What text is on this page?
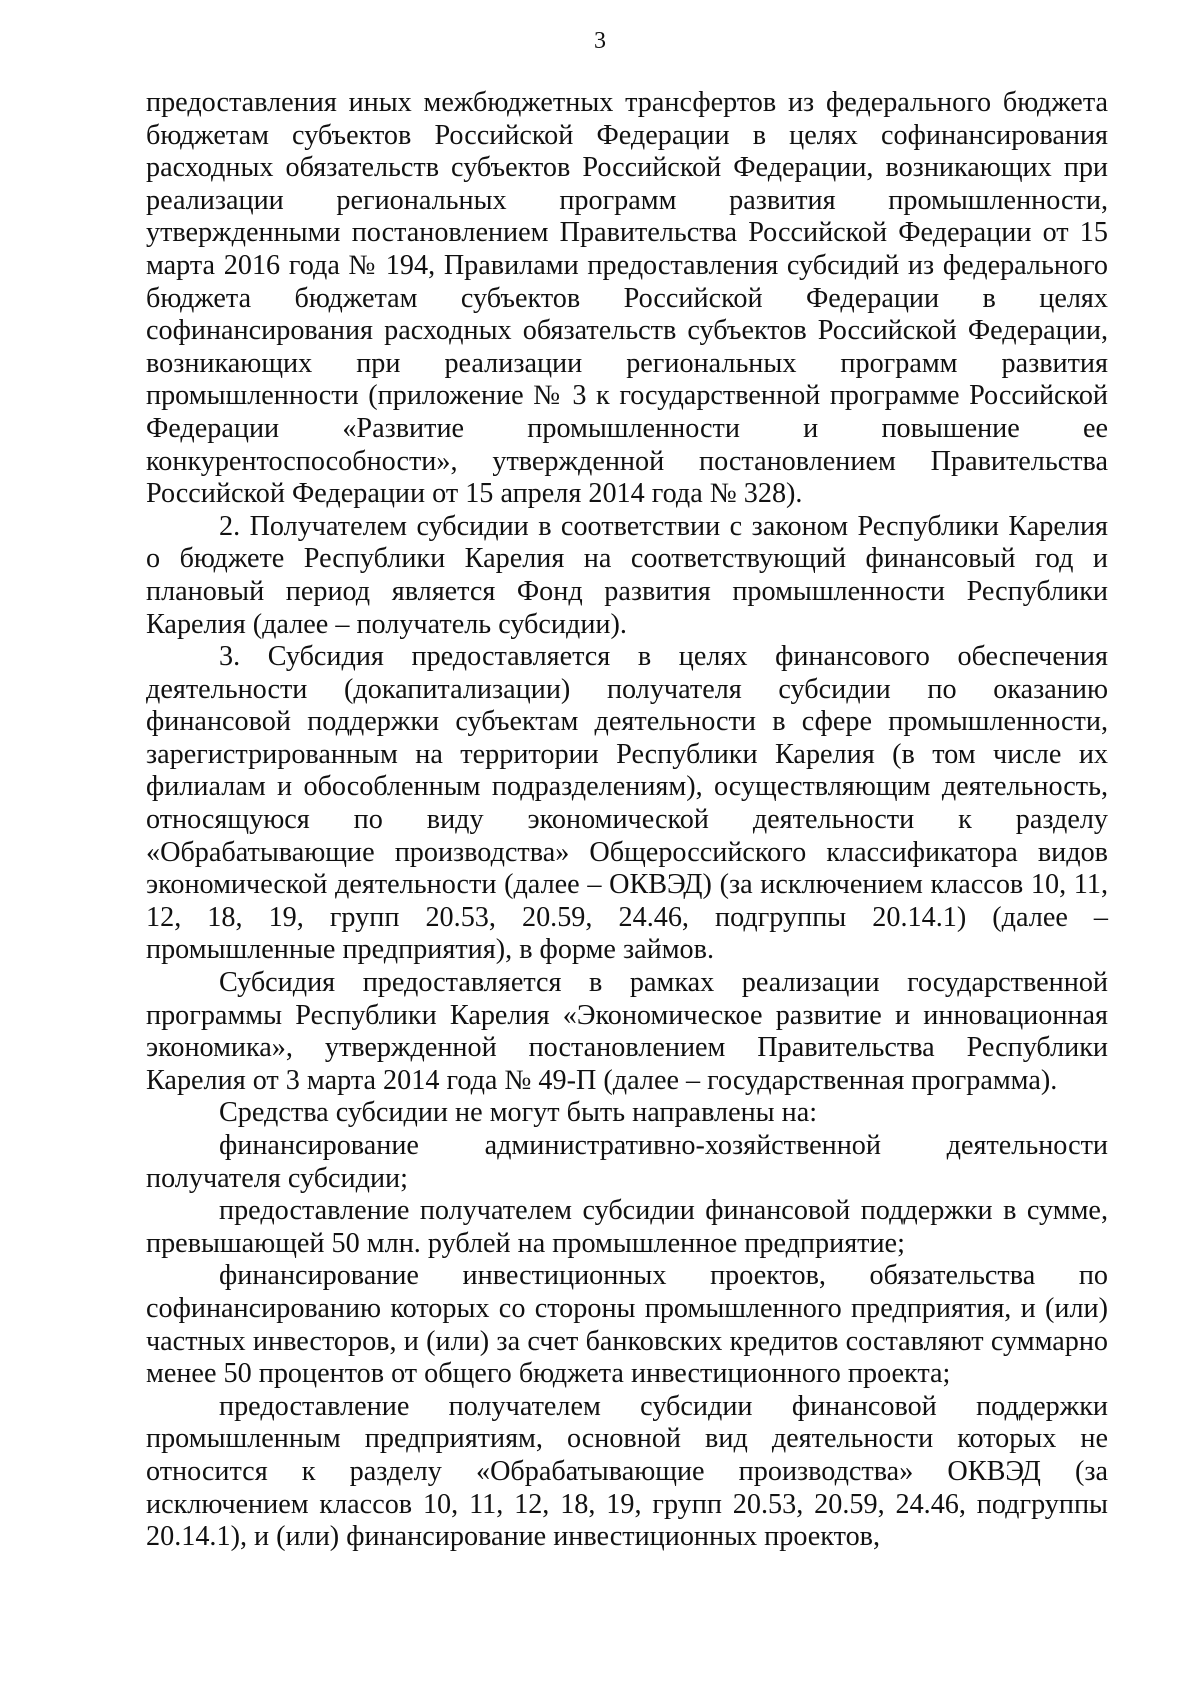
3

предоставления иных межбюджетных трансфертов из федерального бюджета бюджетам субъектов Российской Федерации в целях софинансирования расходных обязательств субъектов Российской Федерации, возникающих при реализации региональных программ развития промышленности, утвержденными постановлением Правительства Российской Федерации от 15 марта 2016 года № 194, Правилами предоставления субсидий из федерального бюджета бюджетам субъектов Российской Федерации в целях софинансирования расходных обязательств субъектов Российской Федерации, возникающих при реализации региональных программ развития промышленности (приложение № 3 к государственной программе Российской Федерации «Развитие промышленности и повышение ее конкурентоспособности», утвержденной постановлением Правительства Российской Федерации от 15 апреля 2014 года № 328).

2. Получателем субсидии в соответствии с законом Республики Карелия о бюджете Республики Карелия на соответствующий финансовый год и плановый период является Фонд развития промышленности Республики Карелия (далее – получатель субсидии).

3. Субсидия предоставляется в целях финансового обеспечения деятельности (докапитализации) получателя субсидии по оказанию финансовой поддержки субъектам деятельности в сфере промышленности, зарегистрированным на территории Республики Карелия (в том числе их филиалам и обособленным подразделениям), осуществляющим деятельность, относящуюся по виду экономической деятельности к разделу «Обрабатывающие производства» Общероссийского классификатора видов экономической деятельности (далее – ОКВЭД) (за исключением классов 10, 11, 12, 18, 19, групп 20.53, 20.59, 24.46, подгруппы 20.14.1) (далее – промышленные предприятия), в форме займов.

Субсидия предоставляется в рамках реализации государственной программы Республики Карелия «Экономическое развитие и инновационная экономика», утвержденной постановлением Правительства Республики Карелия от 3 марта 2014 года № 49-П (далее – государственная программа).

Средства субсидии не могут быть направлены на:

финансирование административно-хозяйственной деятельности получателя субсидии;

предоставление получателем субсидии финансовой поддержки в сумме, превышающей 50 млн. рублей на промышленное предприятие;

финансирование инвестиционных проектов, обязательства по софинансированию которых со стороны промышленного предприятия, и (или) частных инвесторов, и (или) за счет банковских кредитов составляют суммарно менее 50 процентов от общего бюджета инвестиционного проекта;

предоставление получателем субсидии финансовой поддержки промышленным предприятиям, основной вид деятельности которых не относится к разделу «Обрабатывающие производства» ОКВЭД (за исключением классов 10, 11, 12, 18, 19, групп 20.53, 20.59, 24.46, подгруппы 20.14.1), и (или) финансирование инвестиционных проектов,
